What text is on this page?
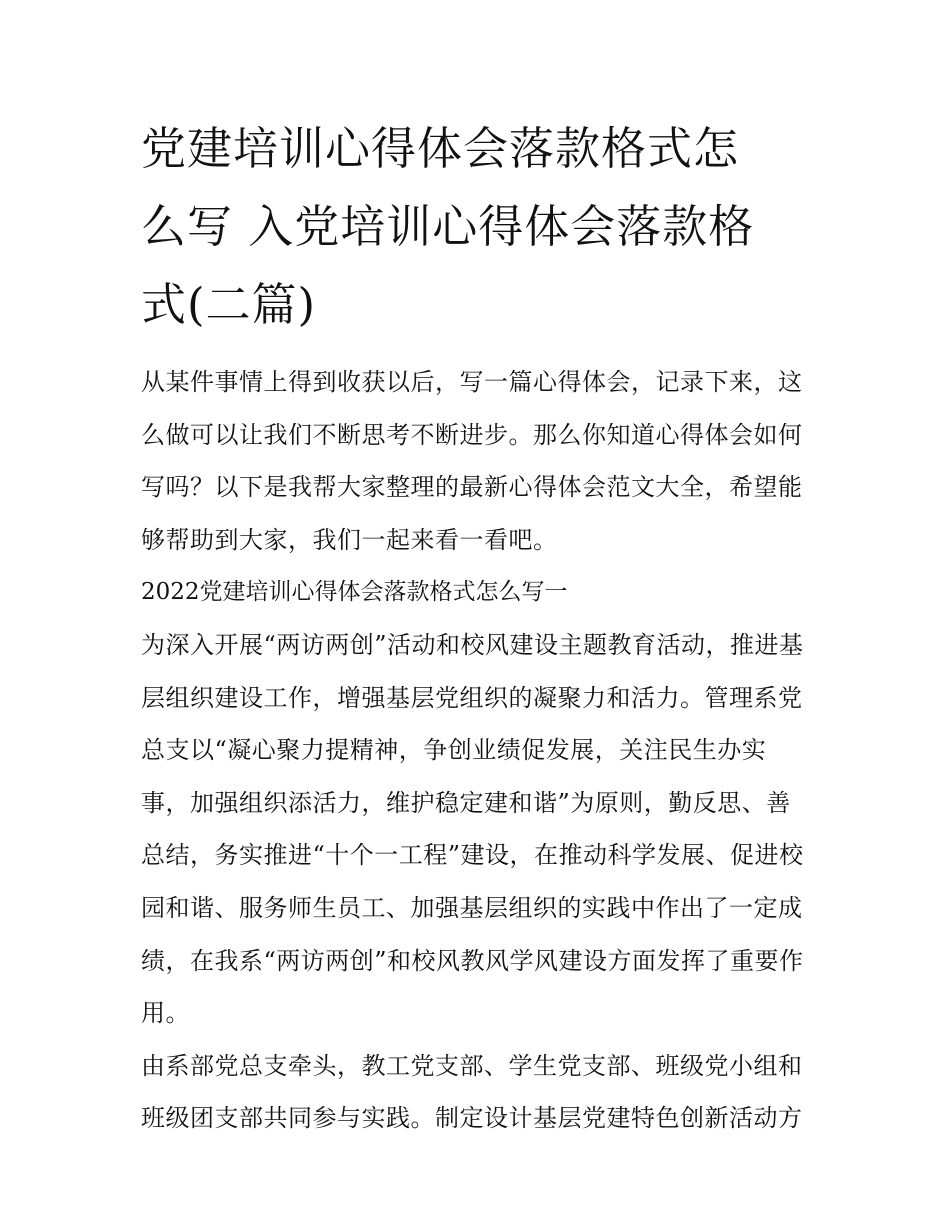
党建培训心得体会落款格式怎
么写 入党培训心得体会落款格
式(二篇)

从某件事情上得到收获以后，写一篇心得体会，记录下来，这
么做可以让我们不断思考不断进步。那么你知道心得体会如何
写吗？以下是我帮大家整理的最新心得体会范文大全，希望能
够帮助到大家，我们一起来看一看吧。

2022党建培训心得体会落款格式怎么写一

为深入开展“两访两创”活动和校风建设主题教育活动，推进基
层组织建设工作，增强基层党组织的凝聚力和活力。管理系党
总支以“凝心聚力提精神，争创业绩促发展，关注民生办实
事，加强组织添活力，维护稳定建和谐”为原则，勤反思、善
总结，务实推进“十个一工程”建设，在推动科学发展、促进校
园和谐、服务师生员工、加强基层组织的实践中作出了一定成
绩，在我系“两访两创”和校风教风学风建设方面发挥了重要作
用。

由系部党总支牵头，教工党支部、学生党支部、班级党小组和
班级团支部共同参与实践。制定设计基层党建特色创新活动方
